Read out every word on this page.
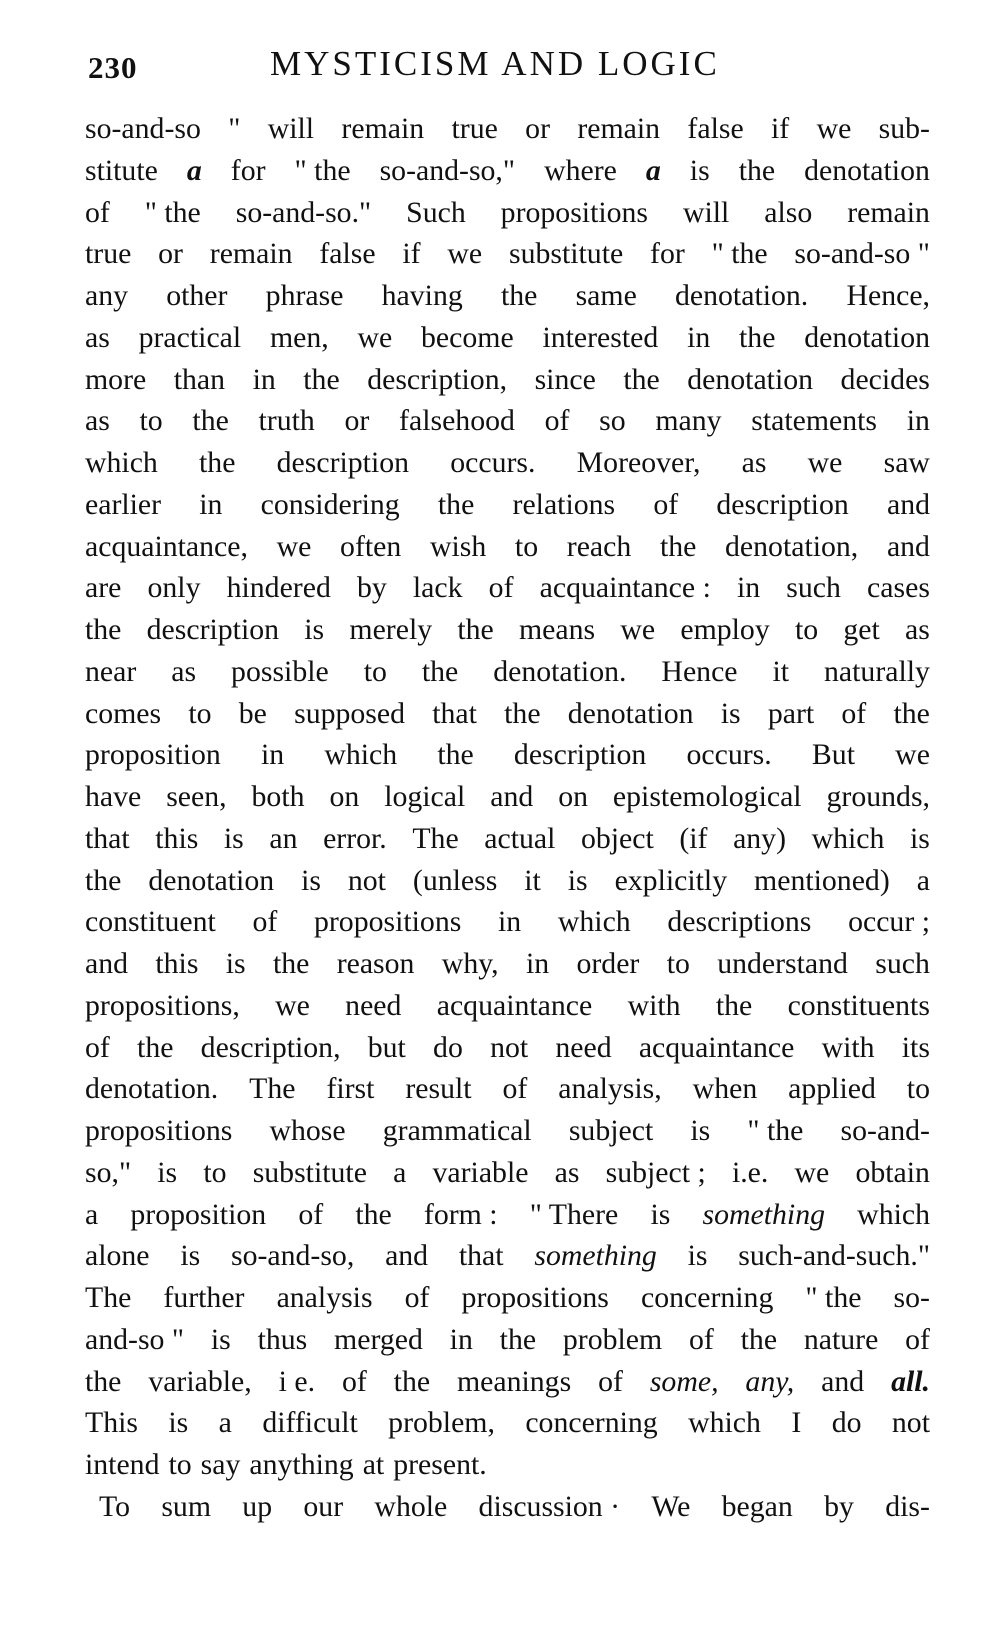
230	MYSTICISM AND LOGIC
so-and-so " will remain true or remain false if we sub-
stitute a for " the so-and-so," where a is the denotation
of " the so-and-so." Such propositions will also remain
true or remain false if we substitute for " the so-and-so "
any other phrase having the same denotation. Hence,
as practical men, we become interested in the denotation
more than in the description, since the denotation decides
as to the truth or falsehood of so many statements in
which the description occurs. Moreover, as we saw
earlier in considering the relations of description and
acquaintance, we often wish to reach the denotation, and
are only hindered by lack of acquaintance : in such cases
the description is merely the means we employ to get as
near as possible to the denotation. Hence it naturally
comes to be supposed that the denotation is part of the
proposition in which the description occurs. But we
have seen, both on logical and on epistemological grounds,
that this is an error. The actual object (if any) which is
the denotation is not (unless it is explicitly mentioned) a
constituent of propositions in which descriptions occur ;
and this is the reason why, in order to understand such
propositions, we need acquaintance with the constituents
of the description, but do not need acquaintance with its
denotation. The first result of analysis, when applied to
propositions whose grammatical subject is " the so-and-
so," is to substitute a variable as subject ; i.e. we obtain
a proposition of the form : " There is something which
alone is so-and-so, and that something is such-and-such."
The further analysis of propositions concerning " the so-
and-so " is thus merged in the problem of the nature of
the variable, i e. of the meanings of some, any, and all.
This is a difficult problem, concerning which I do not
intend to say anything at present.
To sum up our whole discussion · We began by dis-
